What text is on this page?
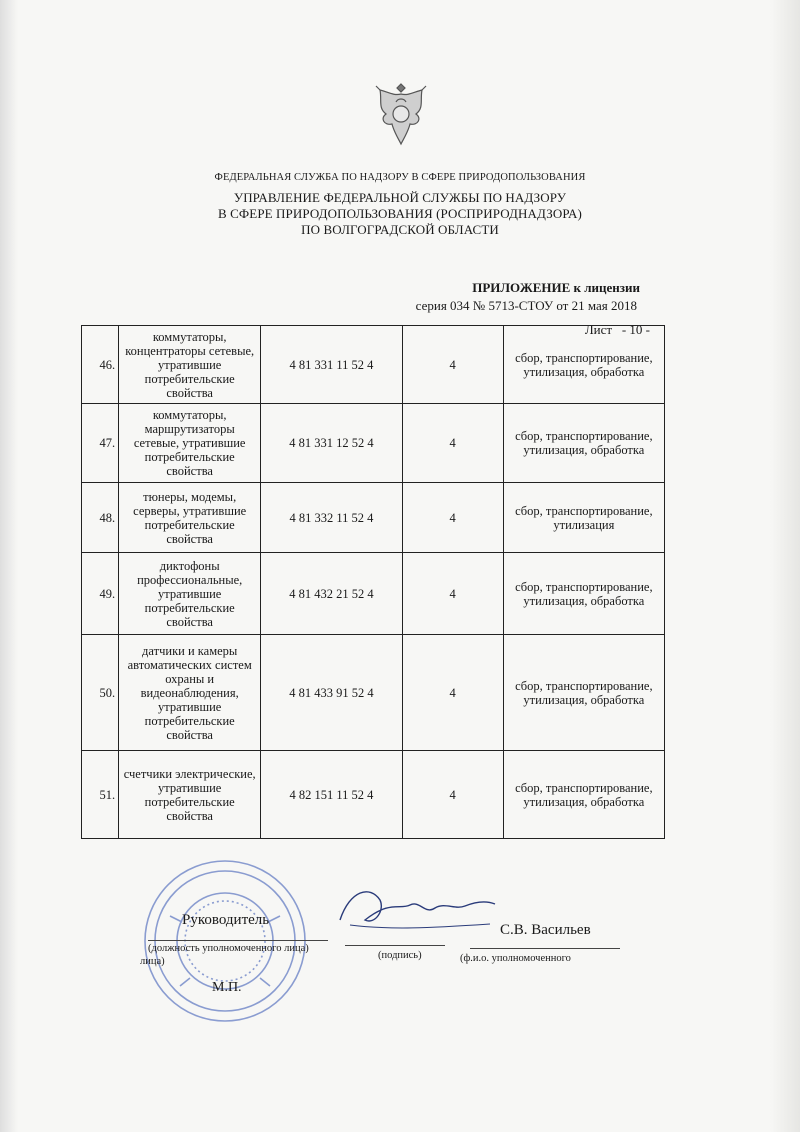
ФЕДЕРАЛЬНАЯ СЛУЖБА ПО НАДЗОРУ В СФЕРЕ ПРИРОДОПОЛЬЗОВАНИЯ
УПРАВЛЕНИЕ ФЕДЕРАЛЬНОЙ СЛУЖБЫ ПО НАДЗОРУ
В СФЕРЕ ПРИРОДОПОЛЬЗОВАНИЯ (РОСПРИРОДНАДЗОРА)
ПО ВОЛГОГРАДСКОЙ ОБЛАСТИ
ПРИЛОЖЕНИЕ к лицензии
серия 034 № 5713-СТОУ от 21 мая 2018
Лист   - 10 -
46.	коммутаторы, концентраторы сетевые, утратившие потребительские свойства	4 81 331 11 52 4	4	сбор, транспортирование, утилизация, обработка
47.	коммутаторы, маршрутизаторы сетевые, утратившие потребительские свойства	4 81 331 12 52 4	4	сбор, транспортирование, утилизация, обработка
48.	тюнеры, модемы, серверы, утратившие потребительские свойства	4 81 332 11 52 4	4	сбор, транспортирование, утилизация
49.	диктофоны профессиональные, утратившие потребительские свойства	4 81 432 21 52 4	4	сбор, транспортирование, утилизация, обработка
50.	датчики и камеры автоматических систем охраны и видеонаблюдения, утратившие потребительские свойства	4 81 433 91 52 4	4	сбор, транспортирование, утилизация, обработка
51.	счетчики электрические, утратившие потребительские свойства	4 82 151 11 52 4	4	сбор, транспортирование, утилизация, обработка
Руководитель
С.В. Васильев
(должность уполномоченного лица)
лица)
(подпись)	(ф.и.о. уполномоченного
М.П.
